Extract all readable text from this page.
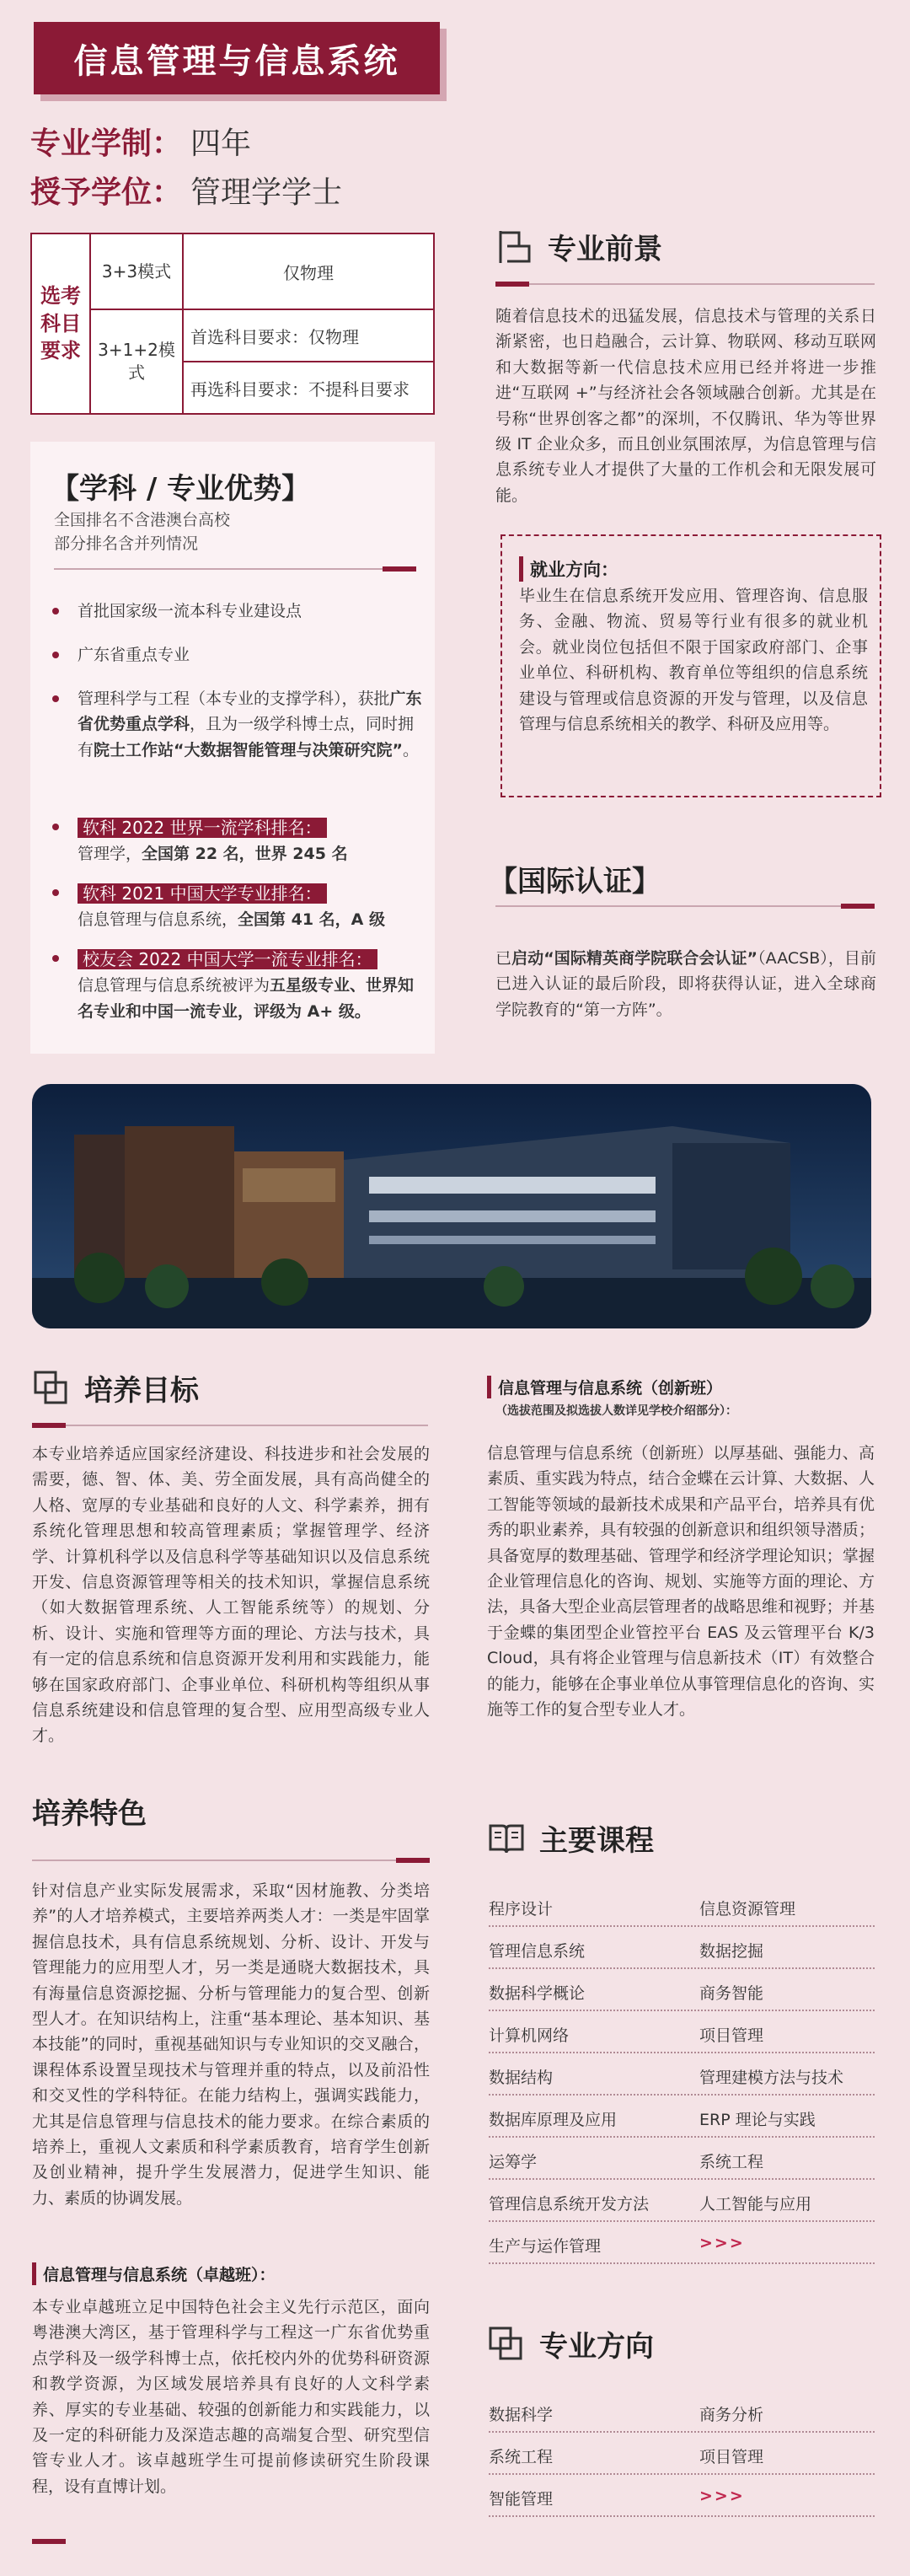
信息管理与信息系统
专业学制： 四年
授予学位： 管理学学士
选考科目要求	3+3模式	仅物理
	3+1+2模式	首选科目要求：仅物理
		再选科目要求：不提科目要求
【学科 / 专业优势】
全国排名不含港澳台高校
部分排名含并列情况
首批国家级一流本科专业建设点
广东省重点专业
管理科学与工程（本专业的支撑学科），获批广东省优势重点学科，且为一级学科博士点，同时拥有院士工作站“大数据智能管理与决策研究院”。
软科 2022 世界一流学科排名：
管理学，全国第 22 名，世界 245 名
软科 2021 中国大学专业排名：
信息管理与信息系统，全国第 41 名，A 级
校友会 2022 中国大学一流专业排名：
信息管理与信息系统被评为五星级专业、世界知名专业和中国一流专业，评级为 A+ 级。
专业前景
随着信息技术的迅猛发展，信息技术与管理的关系日渐紧密，也日趋融合，云计算、物联网、移动互联网和大数据等新一代信息技术应用已经并将进一步推进“互联网 +”与经济社会各领域融合创新。尤其是在号称“世界创客之都”的深圳，不仅腾讯、华为等世界级 IT 企业众多，而且创业氛围浓厚，为信息管理与信息系统专业人才提供了大量的工作机会和无限发展可能。
就业方向：
毕业生在信息系统开发应用、管理咨询、信息服务、金融、物流、贸易等行业有很多的就业机会。就业岗位包括但不限于国家政府部门、企事业单位、科研机构、教育单位等组织的信息系统建设与管理或信息资源的开发与管理，以及信息管理与信息系统相关的教学、科研及应用等。
【国际认证】
已启动“国际精英商学院联合会认证”（AACSB），目前已进入认证的最后阶段，即将获得认证，进入全球商学院教育的“第一方阵”。
培养目标
本专业培养适应国家经济建设、科技进步和社会发展的需要，德、智、体、美、劳全面发展，具有高尚健全的人格、宽厚的专业基础和良好的人文、科学素养，拥有系统化管理思想和较高管理素质；掌握管理学、经济学、计算机科学以及信息科学等基础知识以及信息系统开发、信息资源管理等相关的技术知识，掌握信息系统（如大数据管理系统、人工智能系统等）的规划、分析、设计、实施和管理等方面的理论、方法与技术，具有一定的信息系统和信息资源开发利用和实践能力，能够在国家政府部门、企事业单位、科研机构等组织从事信息系统建设和信息管理的复合型、应用型高级专业人才。
信息管理与信息系统（创新班）
（选拔范围及拟选拔人数详见学校介绍部分）：
信息管理与信息系统（创新班）以厚基础、强能力、高素质、重实践为特点，结合金蝶在云计算、大数据、人工智能等领域的最新技术成果和产品平台，培养具有优秀的职业素养，具有较强的创新意识和组织领导潜质；具备宽厚的数理基础、管理学和经济学理论知识；掌握企业管理信息化的咨询、规划、实施等方面的理论、方法，具备大型企业高层管理者的战略思维和视野；并基于金蝶的集团型企业管控平台 EAS 及云管理平台 K/3 Cloud，具有将企业管理与信息新技术（IT）有效整合的能力，能够在企事业单位从事管理信息化的咨询、实施等工作的复合型专业人才。
培养特色
针对信息产业实际发展需求，采取“因材施教、分类培养”的人才培养模式，主要培养两类人才：一类是牢固掌握信息技术，具有信息系统规划、分析、设计、开发与管理能力的应用型人才，另一类是通晓大数据技术，具有海量信息资源挖掘、分析与管理能力的复合型、创新型人才。在知识结构上，注重“基本理论、基本知识、基本技能”的同时，重视基础知识与专业知识的交叉融合，课程体系设置呈现技术与管理并重的特点，以及前沿性和交叉性的学科特征。在能力结构上，强调实践能力，尤其是信息管理与信息技术的能力要求。在综合素质的培养上，重视人文素质和科学素质教育，培育学生创新及创业精神，提升学生发展潜力，促进学生知识、能力、素质的协调发展。
信息管理与信息系统（卓越班）：
本专业卓越班立足中国特色社会主义先行示范区，面向粤港澳大湾区，基于管理科学与工程这一广东省优势重点学科及一级学科博士点，依托校内外的优势科研资源和教学资源，为区域发展培养具有良好的人文科学素养、厚实的专业基础、较强的创新能力和实践能力，以及一定的科研能力及深造志趣的高端复合型、研究型信管专业人才。该卓越班学生可提前修读研究生阶段课程，设有直博计划。
主要课程
程序设计	信息资源管理
管理信息系统	数据挖掘
数据科学概论	商务智能
计算机网络	项目管理
数据结构	管理建模方法与技术
数据库原理及应用	ERP 理论与实践
运筹学	系统工程
管理信息系统开发方法	人工智能与应用
生产与运作管理	>>>
专业方向
数据科学	商务分析
系统工程	项目管理
智能管理	>>>
